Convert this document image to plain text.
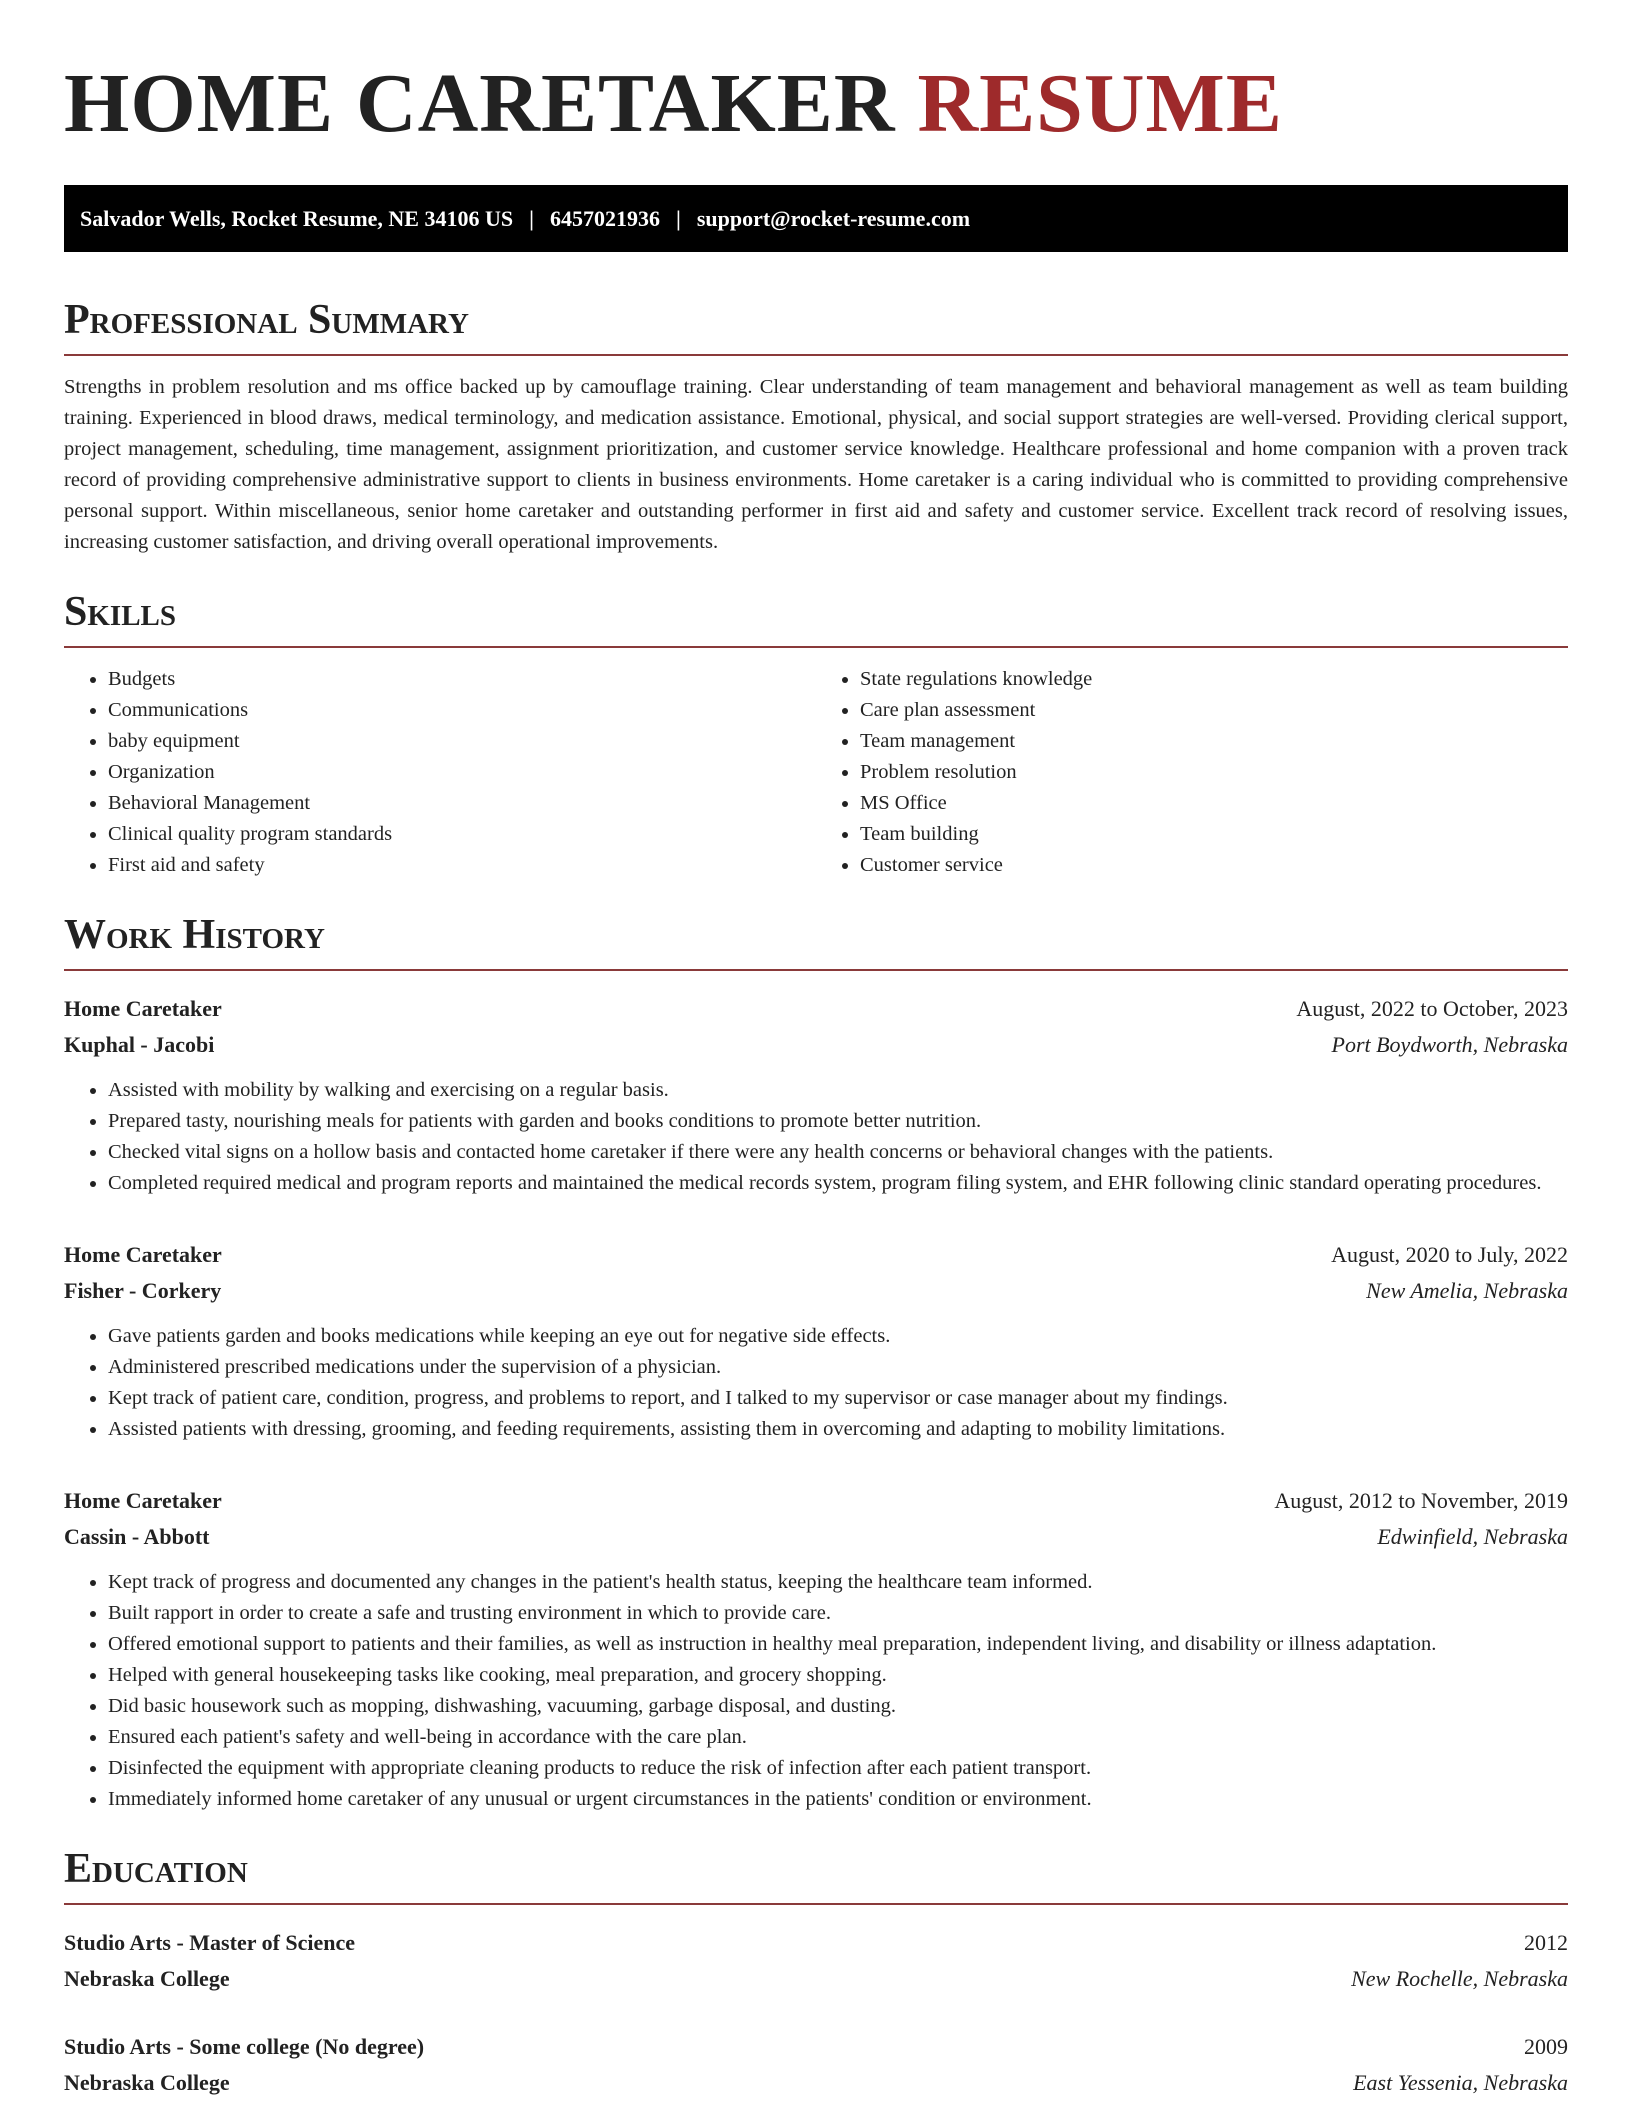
HOME CARETAKER RESUME
Salvador Wells, Rocket Resume, NE 34106 US | 6457021936 | support@rocket-resume.com
Professional Summary

Strengths in problem resolution and ms office backed up by camouflage training. Clear understanding of team management and behavioral management as well as team building training. Experienced in blood draws, medical terminology, and medication assistance. Emotional, physical, and social support strategies are well-versed. Providing clerical support, project management, scheduling, time management, assignment prioritization, and customer service knowledge. Healthcare professional and home companion with a proven track record of providing comprehensive administrative support to clients in business environments. Home caretaker is a caring individual who is committed to providing comprehensive personal support. Within miscellaneous, senior home caretaker and outstanding performer in first aid and safety and customer service. Excellent track record of resolving issues, increasing customer satisfaction, and driving overall operational improvements.

Skills
• Budgets
• Communications
• baby equipment
• Organization
• Behavioral Management
• Clinical quality program standards
• First aid and safety
• State regulations knowledge
• Care plan assessment
• Team management
• Problem resolution
• MS Office
• Team building
• Customer service
Work History
Home Caretaker	August, 2022 to October, 2023
Kuphal - Jacobi	Port Boydworth, Nebraska
• Assisted with mobility by walking and exercising on a regular basis.
• Prepared tasty, nourishing meals for patients with garden and books conditions to promote better nutrition.
• Checked vital signs on a hollow basis and contacted home caretaker if there were any health concerns or behavioral changes with the patients.
• Completed required medical and program reports and maintained the medical records system, program filing system, and EHR following clinic standard operating procedures.
Home Caretaker	August, 2020 to July, 2022
Fisher - Corkery	New Amelia, Nebraska
• Gave patients garden and books medications while keeping an eye out for negative side effects.
• Administered prescribed medications under the supervision of a physician.
• Kept track of patient care, condition, progress, and problems to report, and I talked to my supervisor or case manager about my findings.
• Assisted patients with dressing, grooming, and feeding requirements, assisting them in overcoming and adapting to mobility limitations.
Home Caretaker	August, 2012 to November, 2019
Cassin - Abbott	Edwinfield, Nebraska
• Kept track of progress and documented any changes in the patient's health status, keeping the healthcare team informed.
• Built rapport in order to create a safe and trusting environment in which to provide care.
• Offered emotional support to patients and their families, as well as instruction in healthy meal preparation, independent living, and disability or illness adaptation.
• Helped with general housekeeping tasks like cooking, meal preparation, and grocery shopping.
• Did basic housework such as mopping, dishwashing, vacuuming, garbage disposal, and dusting.
• Ensured each patient's safety and well-being in accordance with the care plan.
• Disinfected the equipment with appropriate cleaning products to reduce the risk of infection after each patient transport.
• Immediately informed home caretaker of any unusual or urgent circumstances in the patients' condition or environment.
Education
Studio Arts - Master of Science	2012
Nebraska College	New Rochelle, Nebraska
Studio Arts - Some college (No degree)	2009
Nebraska College	East Yessenia, Nebraska
